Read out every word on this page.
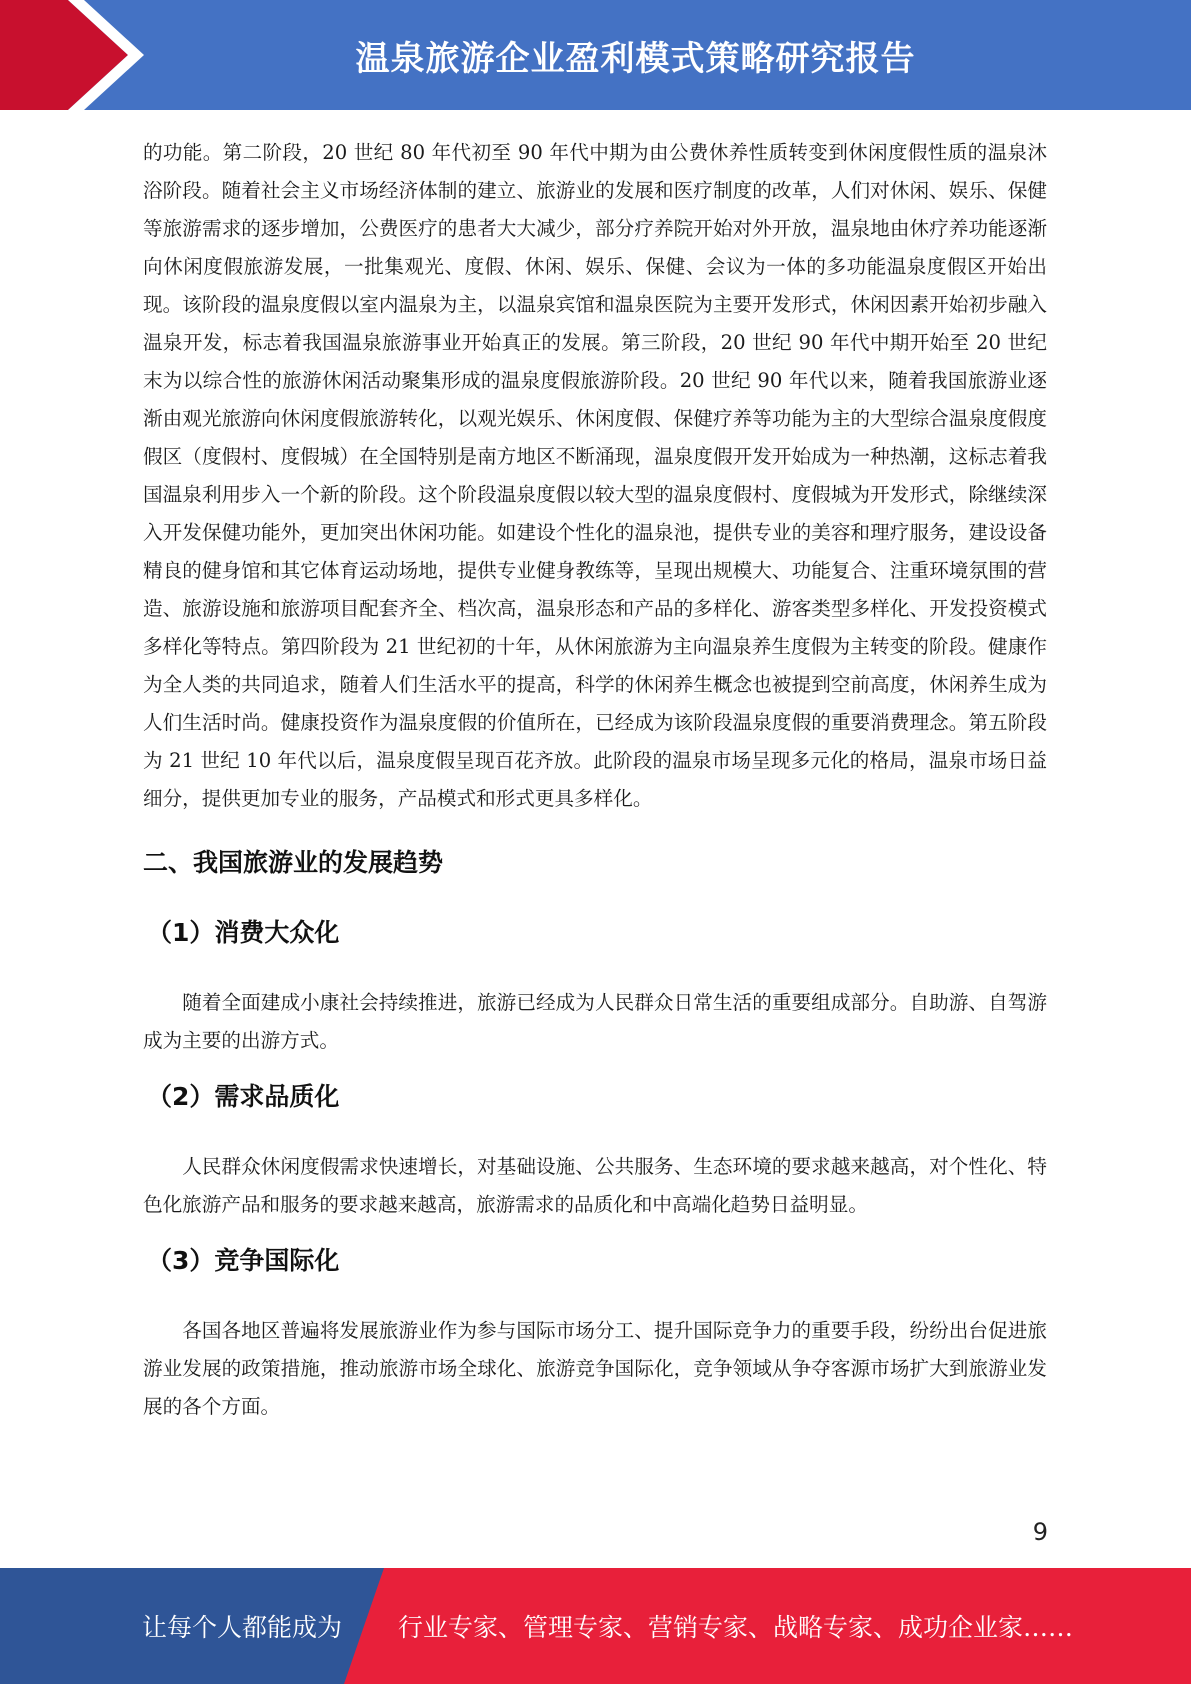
温泉旅游企业盈利模式策略研究报告

的功能。第二阶段，20 世纪 80 年代初至 90 年代中期为由公费休养性质转变到休闲度假性质的温泉沐浴阶段。随着社会主义市场经济体制的建立、旅游业的发展和医疗制度的改革，人们对休闲、娱乐、保健等旅游需求的逐步增加，公费医疗的患者大大减少，部分疗养院开始对外开放，温泉地由休疗养功能逐渐向休闲度假旅游发展，一批集观光、度假、休闲、娱乐、保健、会议为一体的多功能温泉度假区开始出现。该阶段的温泉度假以室内温泉为主，以温泉宾馆和温泉医院为主要开发形式，休闲因素开始初步融入温泉开发，标志着我国温泉旅游事业开始真正的发展。第三阶段，20 世纪 90 年代中期开始至 20 世纪末为以综合性的旅游休闲活动聚集形成的温泉度假旅游阶段。20 世纪 90 年代以来，随着我国旅游业逐渐由观光旅游向休闲度假旅游转化，以观光娱乐、休闲度假、保健疗养等功能为主的大型综合温泉度假度假区（度假村、度假城）在全国特别是南方地区不断涌现，温泉度假开发开始成为一种热潮，这标志着我国温泉利用步入一个新的阶段。这个阶段温泉度假以较大型的温泉度假村、度假城为开发形式，除继续深入开发保健功能外，更加突出休闲功能。如建设个性化的温泉池，提供专业的美容和理疗服务，建设设备精良的健身馆和其它体育运动场地，提供专业健身教练等，呈现出规模大、功能复合、注重环境氛围的营造、旅游设施和旅游项目配套齐全、档次高，温泉形态和产品的多样化、游客类型多样化、开发投资模式多样化等特点。第四阶段为 21 世纪初的十年，从休闲旅游为主向温泉养生度假为主转变的阶段。健康作为全人类的共同追求，随着人们生活水平的提高，科学的休闲养生概念也被提到空前高度，休闲养生成为人们生活时尚。健康投资作为温泉度假的价值所在，已经成为该阶段温泉度假的重要消费理念。第五阶段为 21 世纪 10 年代以后，温泉度假呈现百花齐放。此阶段的温泉市场呈现多元化的格局，温泉市场日益细分，提供更加专业的服务，产品模式和形式更具多样化。

二、我国旅游业的发展趋势
（1）消费大众化

随着全面建成小康社会持续推进，旅游已经成为人民群众日常生活的重要组成部分。自助游、自驾游成为主要的出游方式。

（2）需求品质化

人民群众休闲度假需求快速增长，对基础设施、公共服务、生态环境的要求越来越高，对个性化、特色化旅游产品和服务的要求越来越高，旅游需求的品质化和中高端化趋势日益明显。

（3）竞争国际化

各国各地区普遍将发展旅游业作为参与国际市场分工、提升国际竞争力的重要手段，纷纷出台促进旅游业发展的政策措施，推动旅游市场全球化、旅游竞争国际化，竞争领域从争夺客源市场扩大到旅游业发展的各个方面。

9
让每个人都能成为 行业专家、管理专家、营销专家、战略专家、成功企业家……
